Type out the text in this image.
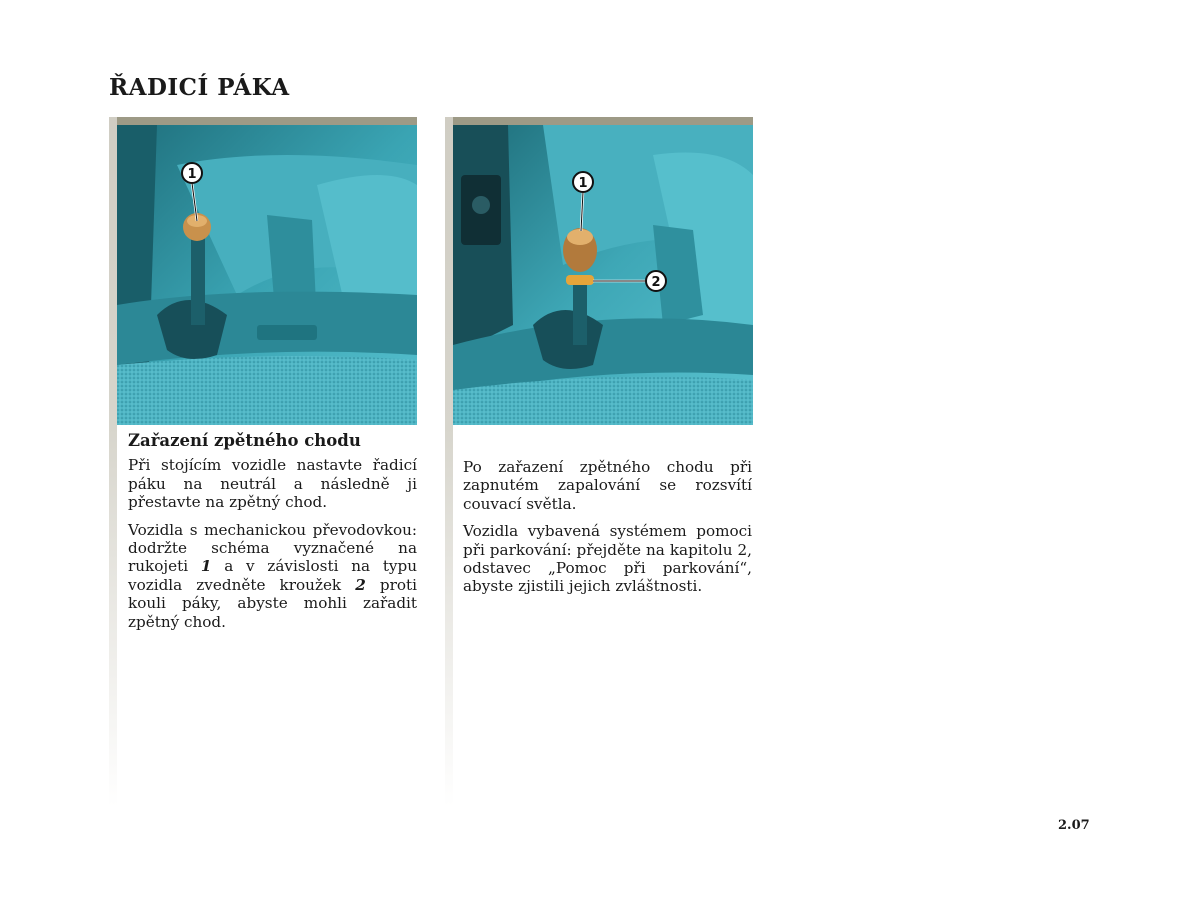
ŘADICÍ PÁKA
1
1
2
Zařazení zpětného chodu

Při stojícím vozidle nastavte řadicí páku na neutrál a následně ji přestavte na zpětný chod.

Vozidla s mechanickou převodovkou: dodržte schéma vyznačené na rukojeti 1 a v závislosti na typu vozidla zvedněte kroužek 2 proti kouli páky, abyste mohli zařadit zpětný chod.

Po zařazení zpětného chodu při zapnutém zapalování se rozsvítí couvací světla.

Vozidla vybavená systémem pomoci při parkování: přejděte na kapitolu 2, odstavec „Pomoc při parkování“, abyste zjistili jejich zvláštnosti.

2.07
